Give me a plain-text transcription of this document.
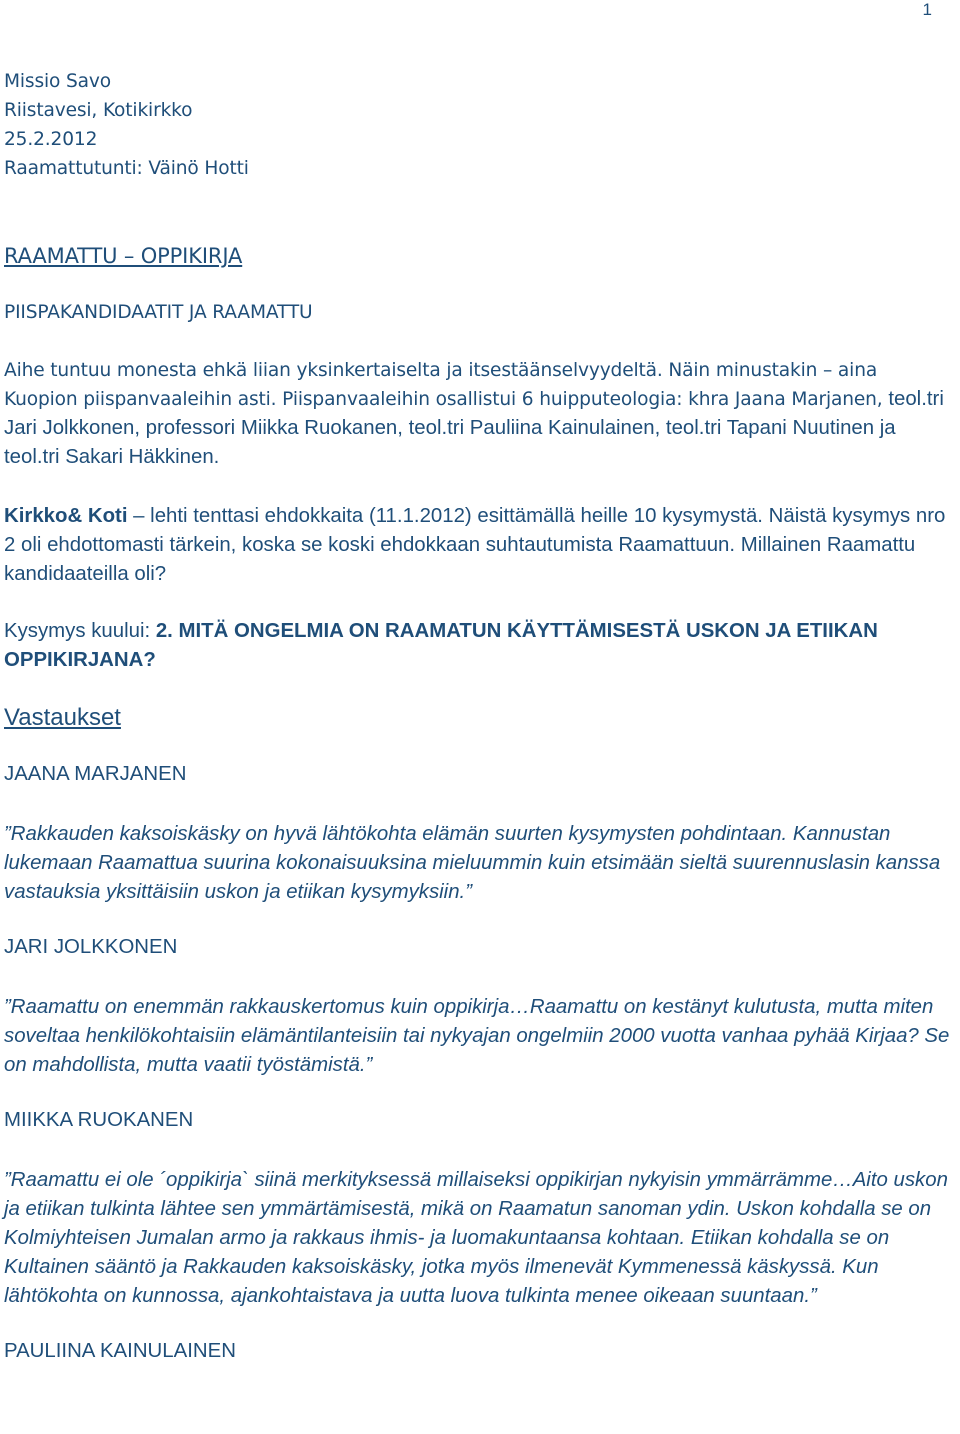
1

Missio Savo

Riistavesi, Kotikirkko

25.2.2012

Raamattutunti: Väinö Hotti

RAAMATTU – OPPIKIRJA

PIISPAKANDIDAATIT JA RAAMATTU

Aihe tuntuu monesta ehkä liian yksinkertaiselta ja itsestäänselvyydeltä. Näin minustakin – aina Kuopion piispanvaaleihin asti. Piispanvaaleihin osallistui 6 huipputeologia: khra Jaana Marjanen, teol.tri Jari Jolkkonen, professori Miikka Ruokanen, teol.tri Pauliina Kainulainen, teol.tri Tapani Nuutinen ja teol.tri Sakari Häkkinen.

Kirkko& Koti – lehti tenttasi ehdokkaita (11.1.2012) esittämällä heille 10 kysymystä. Näistä kysymys nro 2 oli ehdottomasti tärkein, koska se koski ehdokkaan suhtautumista Raamattuun. Millainen Raamattu kandidaateilla oli?

Kysymys kuului: 2. MITÄ ONGELMIA ON RAAMATUN KÄYTTÄMISESTÄ USKON JA ETIIKAN OPPIKIRJANA?

Vastaukset

JAANA MARJANEN

”Rakkauden kaksoiskäsky on hyvä lähtökohta elämän suurten kysymysten pohdintaan. Kannustan lukemaan Raamattua suurina kokonaisuuksina mieluummin kuin etsimään sieltä suurennuslasin kanssa vastauksia yksittäisiin uskon ja etiikan kysymyksiin.”

JARI JOLKKONEN

”Raamattu on enemmän rakkauskertomus kuin oppikirja…Raamattu on kestänyt kulutusta, mutta miten soveltaa henkilökohtaisiin elämäntilanteisiin tai nykyajan ongelmiin 2000 vuotta vanhaa pyhää Kirjaa? Se on mahdollista, mutta vaatii työstämistä.”

MIIKKA RUOKANEN

”Raamattu ei ole ´oppikirja` siinä merkityksessä millaiseksi oppikirjan nykyisin ymmärrämme…Aito uskon ja etiikan tulkinta lähtee sen ymmärtämisestä, mikä on Raamatun sanoman ydin. Uskon kohdalla se on Kolmiyhteisen Jumalan armo ja rakkaus ihmis- ja luomakuntaansa kohtaan. Etiikan kohdalla se on Kultainen sääntö ja Rakkauden kaksoiskäsky, jotka myös ilmenevät Kymmenessä käskyssä. Kun lähtökohta on kunnossa, ajankohtaistava ja uutta luova tulkinta menee oikeaan suuntaan.”

PAULIINA KAINULAINEN
